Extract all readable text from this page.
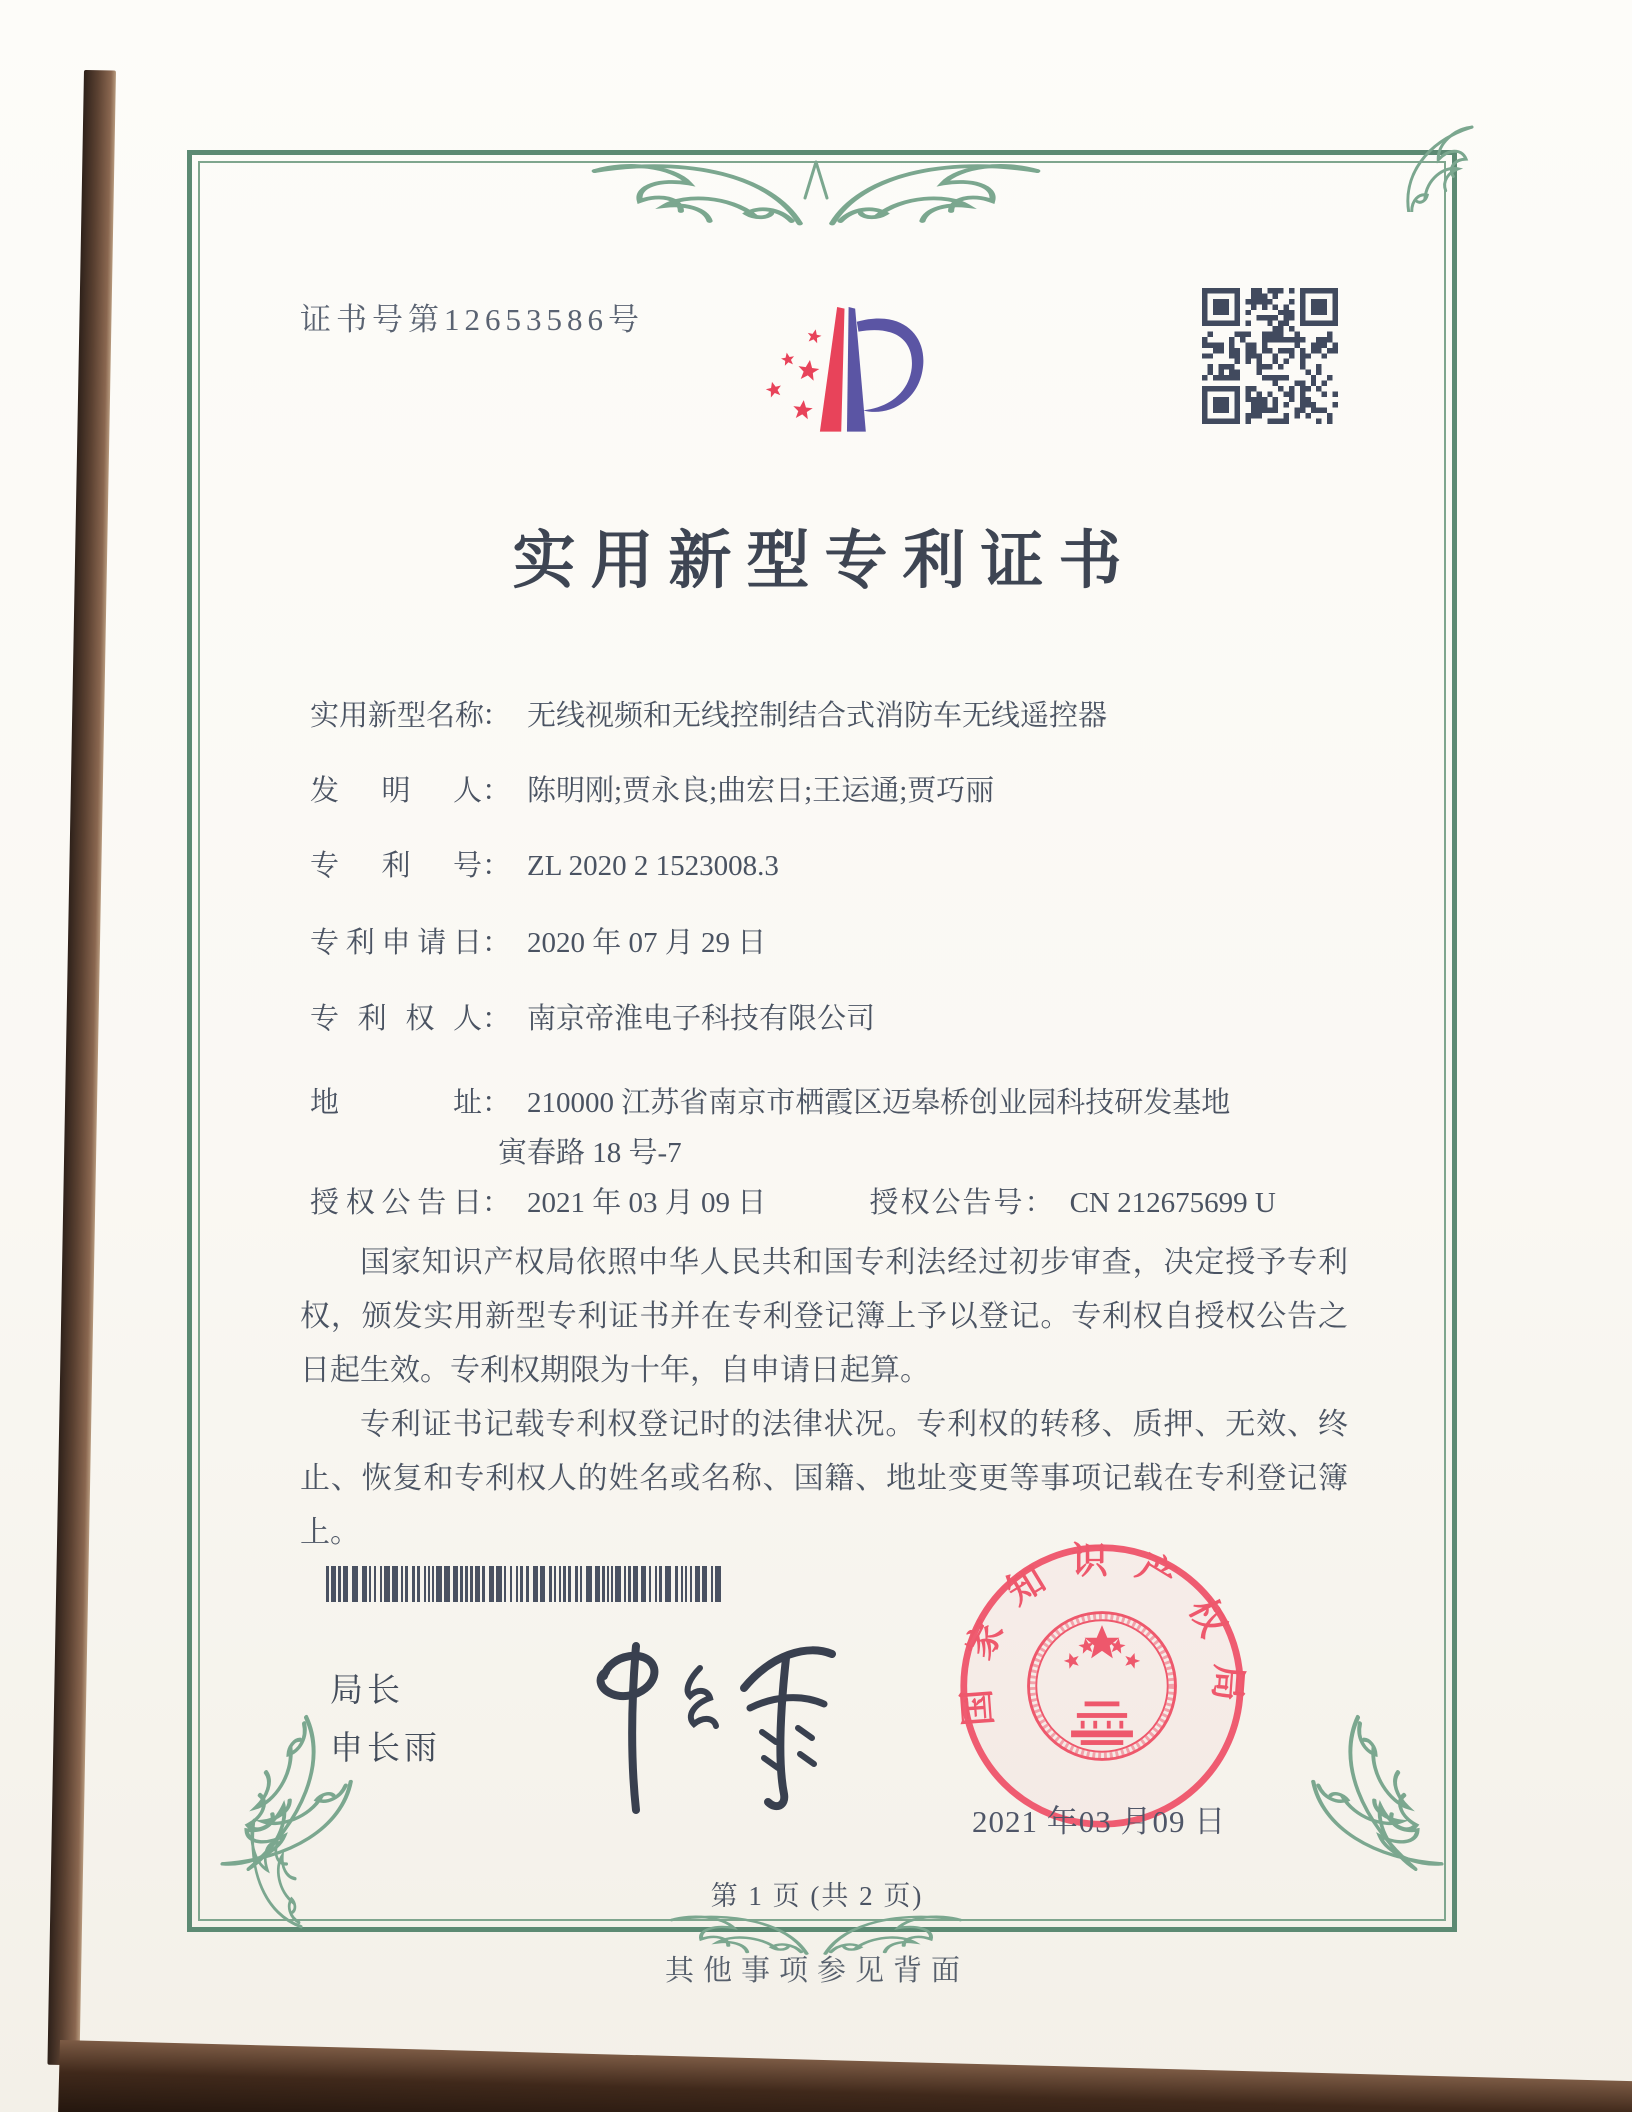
证书号第12653586号
实用新型专利证书
实用新型名称： 无线视频和无线控制结合式消防车无线遥控器
发明人： 陈明刚;贾永良;曲宏日;王运通;贾巧丽
专利号： ZL 2020 2 1523008.3
专利申请日： 2020 年 07 月 29 日
专利权人： 南京帝淮电子科技有限公司
地址： 210000 江苏省南京市栖霞区迈皋桥创业园科技研发基地
寅春路 18 号-7
授权公告日： 2021 年 03 月 09 日	授权公告号： CN 212675699 U

国家知识产权局依照中华人民共和国专利法经过初步审查，决定授予专利权，颁发实用新型专利证书并在专利登记簿上予以登记。专利权自授权公告之日起生效。专利权期限为十年，自申请日起算。

专利证书记载专利权登记时的法律状况。专利权的转移、质押、无效、终止、恢复和专利权人的姓名或名称、国籍、地址变更等事项记载在专利登记簿上。

局长
申长雨
国家知识产权局
2021 年03 月09 日
第 1 页 (共 2 页)
其他事项参见背面
